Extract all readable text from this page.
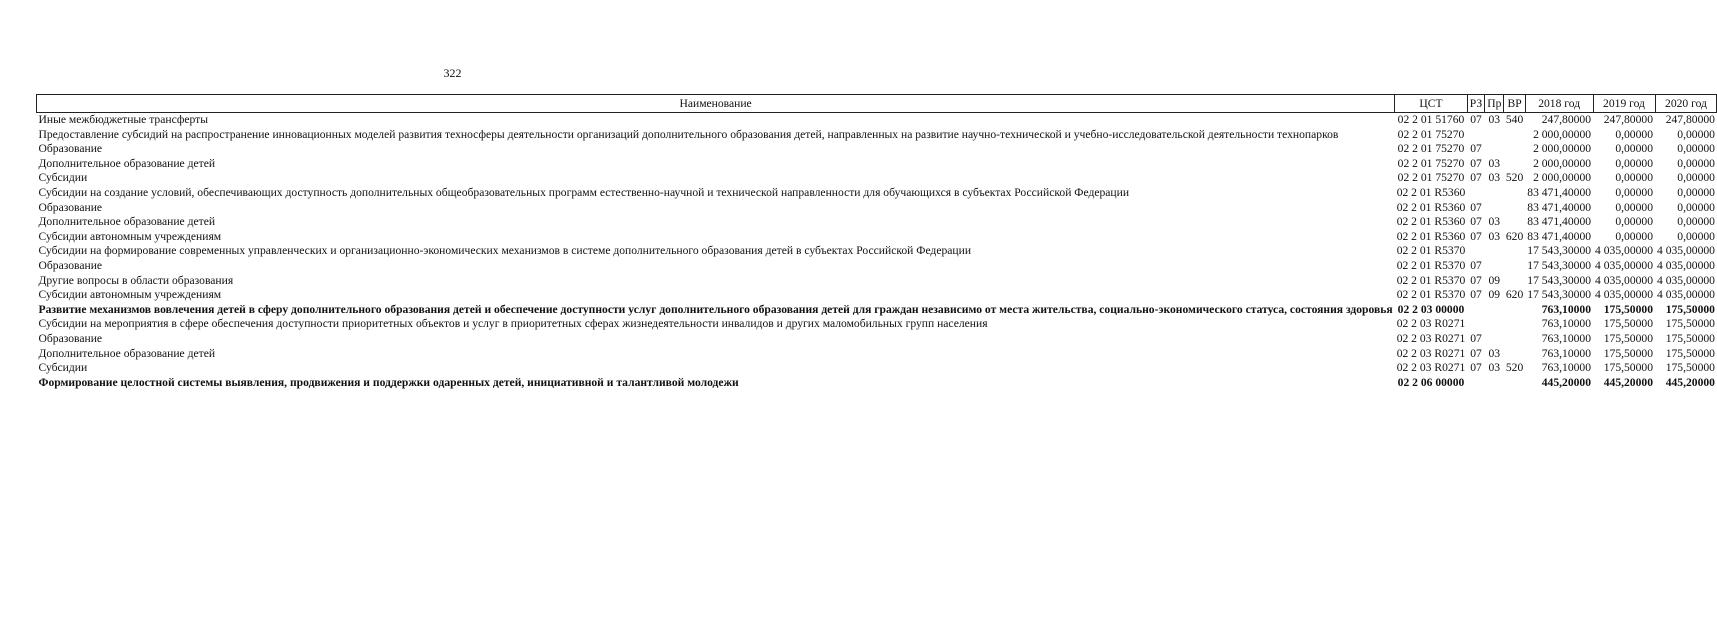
322
Наименование	ЦСТ	РЗ	Пр	ВР	2018 год	2019 год	2020 год
Иные межбюджетные трансферты	02 2 01 51760	07	03	540	247,80000	247,80000	247,80000
Предоставление субсидий на распространение инновационных моделей развития техносферы деятельности организаций дополнительного образования детей, направленных на развитие научно-технической и учебно-исследовательской деятельности технопарков	02 2 01 75270				2 000,00000	0,00000	0,00000
Образование	02 2 01 75270	07			2 000,00000	0,00000	0,00000
Дополнительное образование детей	02 2 01 75270	07	03		2 000,00000	0,00000	0,00000
Субсидии	02 2 01 75270	07	03	520	2 000,00000	0,00000	0,00000
Субсидии на создание условий, обеспечивающих доступность дополнительных общеобразовательных программ естественно-научной и технической направленности для обучающихся в субъектах Российской Федерации	02 2 01 R5360				83 471,40000	0,00000	0,00000
Образование	02 2 01 R5360	07			83 471,40000	0,00000	0,00000
Дополнительное образование детей	02 2 01 R5360	07	03		83 471,40000	0,00000	0,00000
Субсидии автономным учреждениям	02 2 01 R5360	07	03	620	83 471,40000	0,00000	0,00000
Субсидии на формирование современных управленческих и организационно-экономических механизмов в системе дополнительного образования детей в субъектах Российской Федерации	02 2 01 R5370				17 543,30000	4 035,00000	4 035,00000
Образование	02 2 01 R5370	07			17 543,30000	4 035,00000	4 035,00000
Другие вопросы в области образования	02 2 01 R5370	07	09		17 543,30000	4 035,00000	4 035,00000
Субсидии автономным учреждениям	02 2 01 R5370	07	09	620	17 543,30000	4 035,00000	4 035,00000
Развитие механизмов вовлечения детей в сферу дополнительного образования детей и обеспечение доступности услуг дополнительного образования детей для граждан независимо от места жительства, социально-экономического статуса, состояния здоровья	02 2 03 00000				763,10000	175,50000	175,50000
Субсидии на мероприятия в сфере обеспечения доступности приоритетных объектов и услуг в приоритетных сферах жизнедеятельности инвалидов и других маломобильных групп населения	02 2 03 R0271				763,10000	175,50000	175,50000
Образование	02 2 03 R0271	07			763,10000	175,50000	175,50000
Дополнительное образование детей	02 2 03 R0271	07	03		763,10000	175,50000	175,50000
Субсидии	02 2 03 R0271	07	03	520	763,10000	175,50000	175,50000
Формирование целостной системы выявления, продвижения и поддержки одаренных детей, инициативной и талантливой молодежи	02 2 06 00000				445,20000	445,20000	445,20000
